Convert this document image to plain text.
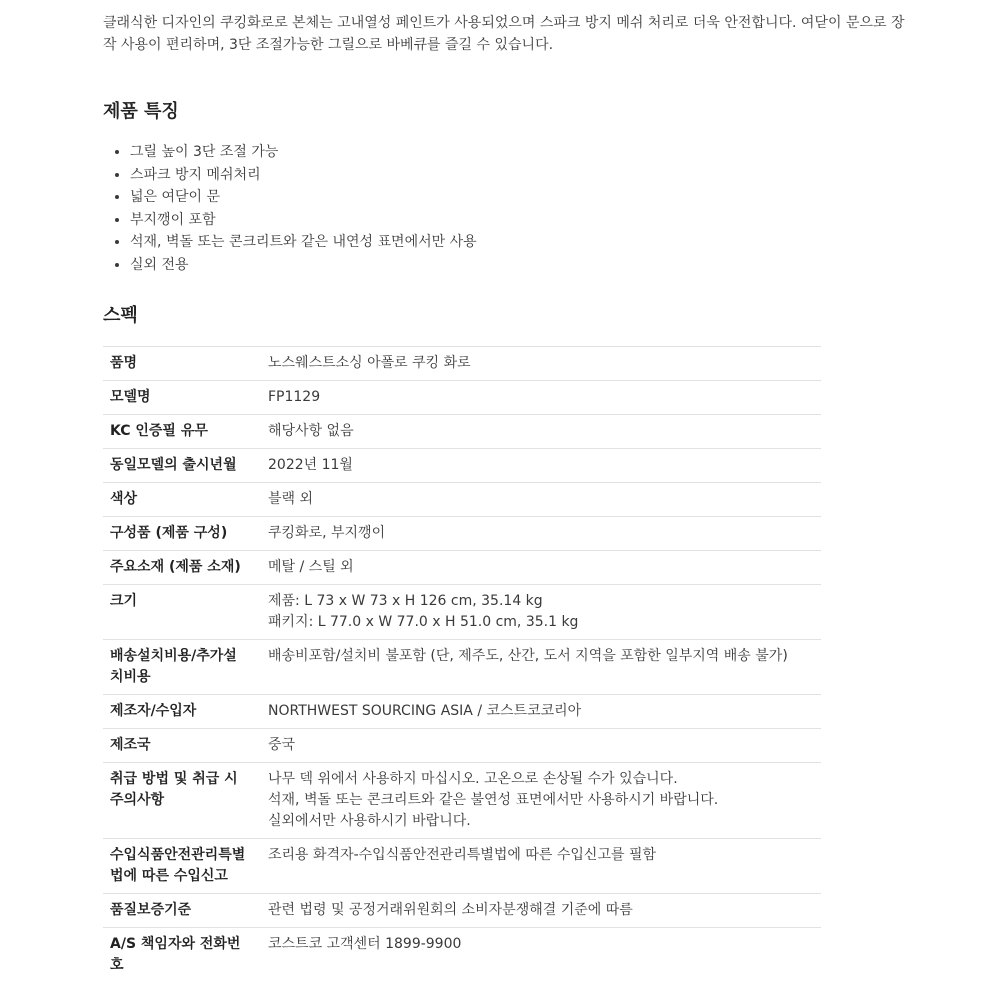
클래식한 디자인의 쿠킹화로로 본체는 고내열성 페인트가 사용되었으며 스파크 방지 메쉬 처리로 더욱 안전합니다. 여닫이 문으로 장작 사용이 편리하며, 3단 조절가능한 그릴으로 바베큐를 즐길 수 있습니다.

제품 특징
• 그릴 높이 3단 조절 가능
• 스파크 방지 메쉬처리
• 넓은 여닫이 문
• 부지깽이 포함
• 석재, 벽돌 또는 콘크리트와 같은 내연성 표면에서만 사용
• 실외 전용
스펙
품명	노스웨스트소싱 아폴로 쿠킹 화로

모델명	FP1129

KC 인증필 유무	해당사항 없음

동일모델의 출시년월	2022년 11월

색상	블랙 외

구성품 (제품 구성)	쿠킹화로, 부지깽이

주요소재 (제품 소재)	메탈 / 스틸 외

크기	제품: L 73 x W 73 x H 126 cm, 35.14 kg
패키지: L 77.0 x W 77.0 x H 51.0 cm, 35.1 kg

배송설치비용/추가설치비용	배송비포함/설치비 불포함 (단, 제주도, 산간, 도서 지역을 포함한 일부지역 배송 불가)

제조자/수입자	NORTHWEST SOURCING ASIA / 코스트코코리아

제조국	중국

취급 방법 및 취급 시 주의사항	나무 덱 위에서 사용하지 마십시오. 고온으로 손상될 수가 있습니다.
석재, 벽돌 또는 콘크리트와 같은 불연성 표면에서만 사용하시기 바랍니다.
실외에서만 사용하시기 바랍니다.

수입식품안전관리특별법에 따른 수입신고	조리용 화격자-수입식품안전관리특별법에 따른 수입신고를 필함

품질보증기준	관련 법령 및 공정거래위원회의 소비자분쟁해결 기준에 따름

A/S 책임자와 전화번호	코스트코 고객센터 1899-9900
